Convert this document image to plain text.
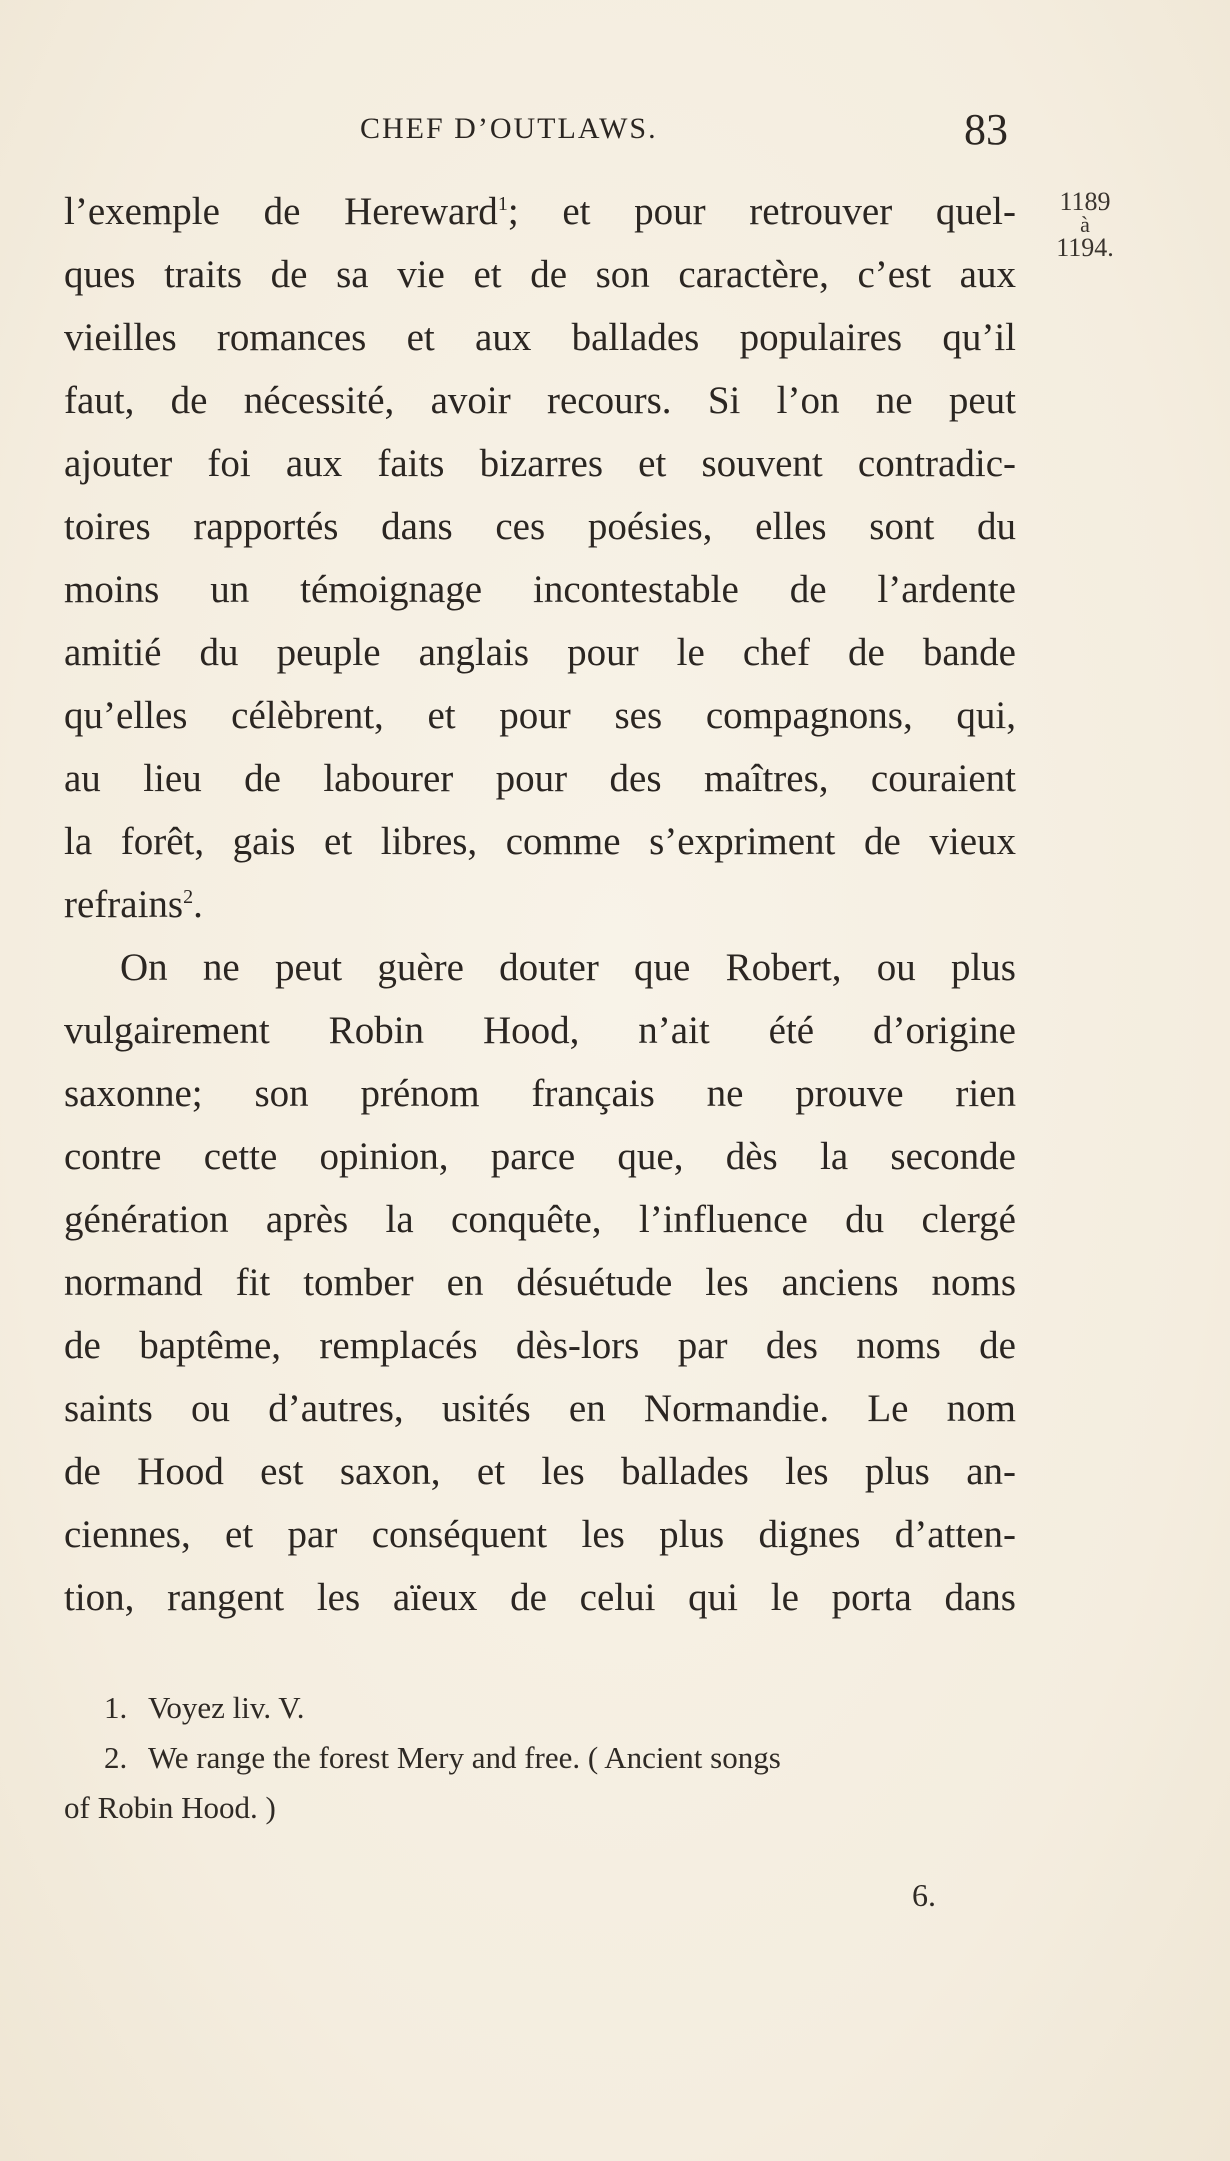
CHEF D’OUTLAWS.	83
1189
à
1194.
l’exemple de Hereward$^1$; et pour retrouver quel-
ques traits de sa vie et de son caractère, c’est aux
vieilles romances et aux ballades populaires qu’il
faut, de nécessité, avoir recours. Si l’on ne peut
ajouter foi aux faits bizarres et souvent contradic-
toires rapportés dans ces poésies, elles sont du
moins un témoignage incontestable de l’ardente
amitié du peuple anglais pour le chef de bande
qu’elles célèbrent, et pour ses compagnons, qui,
au lieu de labourer pour des maîtres, couraient
la forêt, gais et libres, comme s’expriment de vieux
refrains$^2$.
On ne peut guère douter que Robert, ou plus
vulgairement Robin Hood, n’ait été d’origine
saxonne; son prénom français ne prouve rien
contre cette opinion, parce que, dès la seconde
génération après la conquête, l’influence du clergé
normand fit tomber en désuétude les anciens noms
de baptême, remplacés dès-lors par des noms de
saints ou d’autres, usités en Normandie. Le nom
de Hood est saxon, et les ballades les plus an-
ciennes, et par conséquent les plus dignes d’atten-
tion, rangent les aïeux de celui qui le porta dans
1. Voyez liv. V.
2. We range the forest Mery and free. ( Ancient songs
of Robin Hood. )
6.
